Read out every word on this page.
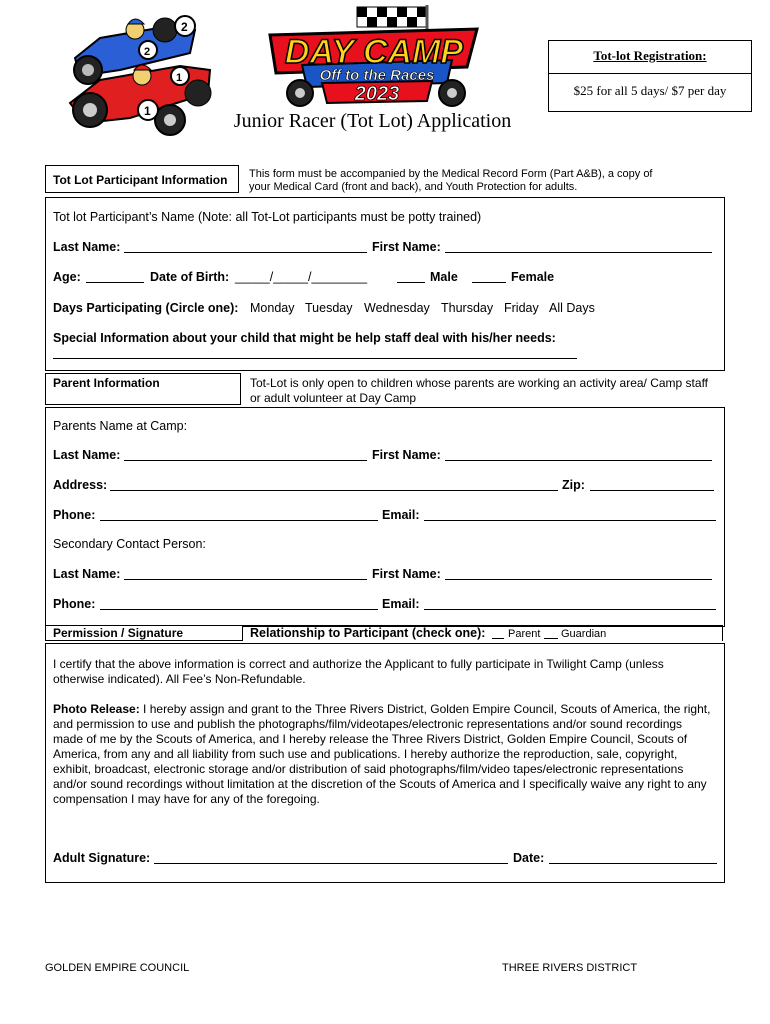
2
2
1
1
DAY CAMP
Off to the Races
2023
Tot-lot Registration:
$25 for all 5 days/ $7 per day
Junior Racer (Tot Lot) Application
Tot Lot Participant Information	This form must be accompanied by the Medical Record Form (Part A&B), a copy of your Medical Card (front and back), and Youth Protection for adults.
Tot lot Participant’s Name (Note: all Tot-Lot participants must be potty trained)
Last Name:	First Name:
Age:	Date of Birth: _____/_____/________	Male	Female
Days Participating (Circle one): Monday Tuesday Wednesday Thursday Friday All Days
Special Information about your child that might be help staff deal with his/her needs:
Parent Information	Tot-Lot is only open to children whose parents are working an activity area/ Camp staff or adult volunteer at Day Camp
Parents Name at Camp:
Last Name:	First Name:
Address:	Zip:
Phone:	Email:
Secondary Contact Person:
Last Name:	First Name:
Phone:	Email:
Permission / Signature	Relationship to Participant (check one): Parent Guardian
I certify that the above information is correct and authorize the Applicant to fully participate in Twilight Camp (unless otherwise indicated). All Fee’s Non-Refundable.
Photo Release: I hereby assign and grant to the Three Rivers District, Golden Empire Council, Scouts of America, the right, and permission to use and publish the photographs/film/videotapes/electronic representations and/or sound recordings made of me by the Scouts of America, and I hereby release the Three Rivers District, Golden Empire Council, Scouts of America, from any and all liability from such use and publications. I hereby authorize the reproduction, sale, copyright, exhibit, broadcast, electronic storage and/or distribution of said photographs/film/video tapes/electronic representations and/or sound recordings without limitation at the discretion of the Scouts of America and I specifically waive any right to any compensation I may have for any of the foregoing.
Adult Signature:	Date:
GOLDEN EMPIRE COUNCIL	THREE RIVERS DISTRICT
